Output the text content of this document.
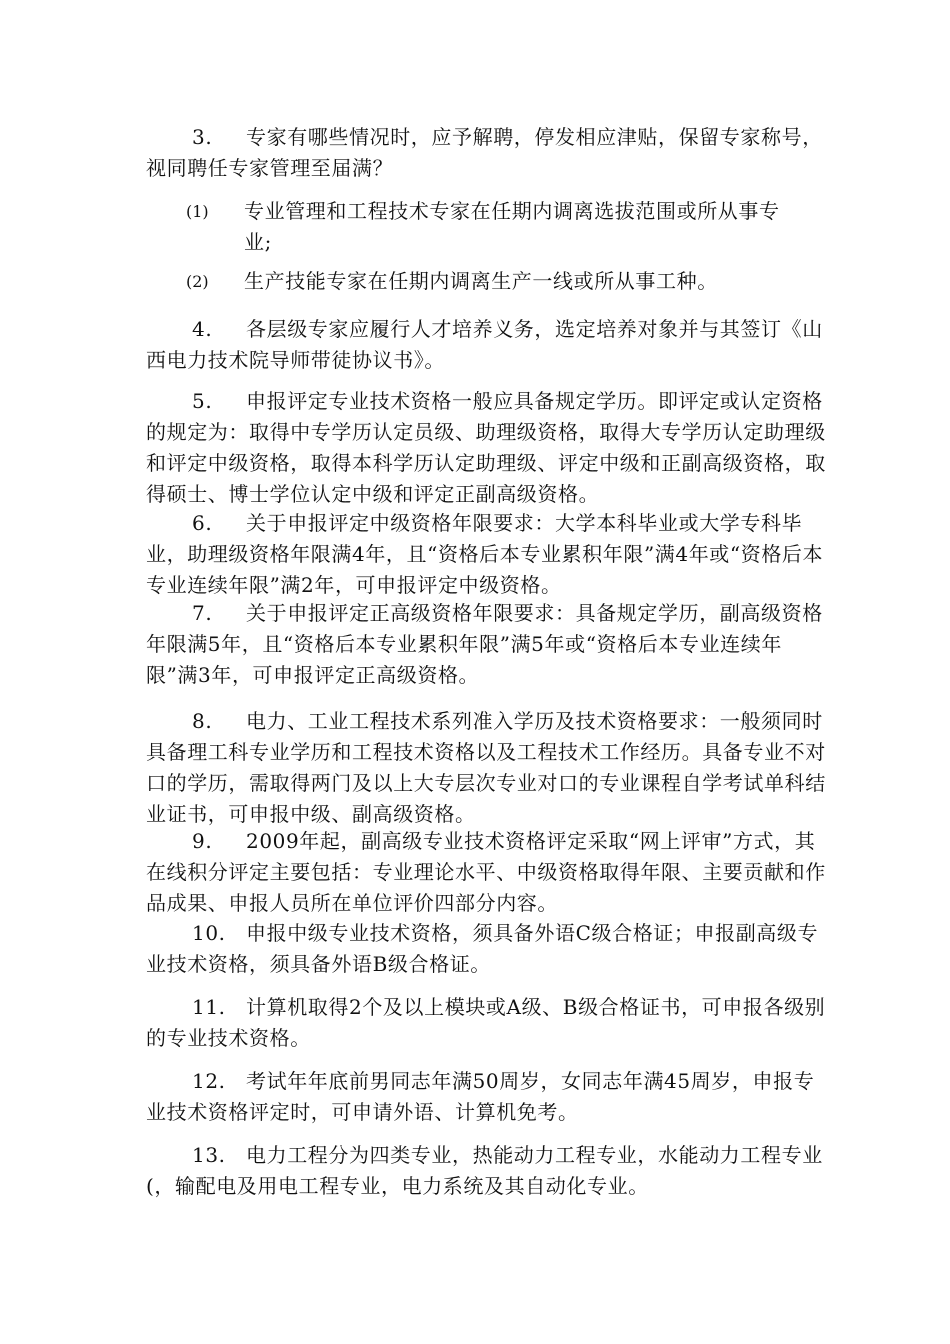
3. 专家有哪些情况时，应予解聘，停发相应津贴，保留专家称号，视同聘任专家管理至届满？

(1) 专业管理和工程技术专家在任期内调离选拔范围或所从事专业;

(2) 生产技能专家在任期内调离生产一线或所从事工种。

4. 各层级专家应履行人才培养义务，选定培养对象并与其签订《山西电力技术院导师带徒协议书》。

5. 申报评定专业技术资格一般应具备规定学历。即评定或认定资格的规定为：取得中专学历认定员级、助理级资格，取得大专学历认定助理级和评定中级资格，取得本科学历认定助理级、评定中级和正副高级资格，取得硕士、博士学位认定中级和评定正副高级资格。

6. 关于申报评定中级资格年限要求：大学本科毕业或大学专科毕业，助理级资格年限满4年，且“资格后本专业累积年限”满4年或“资格后本专业连续年限”满2年，可申报评定中级资格。

7. 关于申报评定正高级资格年限要求：具备规定学历，副高级资格年限满5年，且“资格后本专业累积年限”满5年或“资格后本专业连续年限”满3年，可申报评定正高级资格。

8. 电力、工业工程技术系列准入学历及技术资格要求：一般须同时具备理工科专业学历和工程技术资格以及工程技术工作经历。具备专业不对口的学历，需取得两门及以上大专层次专业对口的专业课程自学考试单科结业证书，可申报中级、副高级资格。

9. 2009年起，副高级专业技术资格评定采取“网上评审”方式，其在线积分评定主要包括：专业理论水平、中级资格取得年限、主要贡献和作品成果、申报人员所在单位评价四部分内容。

10. 申报中级专业技术资格，须具备外语C级合格证；申报副高级专业技术资格，须具备外语B级合格证。

11. 计算机取得2个及以上模块或A级、B级合格证书，可申报各级别的专业技术资格。

12. 考试年年底前男同志年满50周岁，女同志年满45周岁，申报专业技术资格评定时，可申请外语、计算机免考。

13. 电力工程分为四类专业，热能动力工程专业，水能动力工程专业(，输配电及用电工程专业，电力系统及其自动化专业。
